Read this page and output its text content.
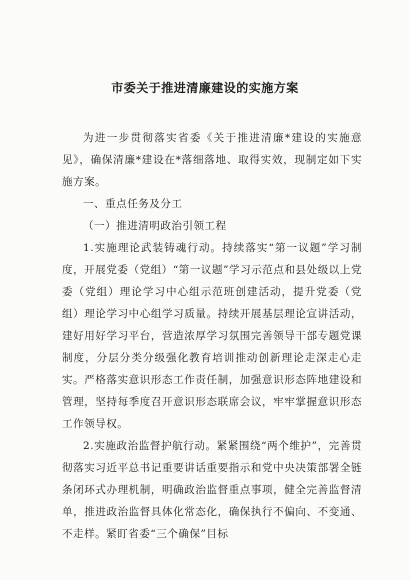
市委关于推进清廉建设的实施方案

为进一步贯彻落实省委《关于推进清廉*建设的实施意见》，确保清廉*建设在*落细落地、取得实效，现制定如下实施方案。

一、重点任务及分工

（一）推进清明政治引领工程

1.实施理论武装铸魂行动。持续落实“第一议题”学习制度，开展党委（党组）“第一议题”学习示范点和县处级以上党委（党组）理论学习中心组示范班创建活动，提升党委（党组）理论学习中心组学习质量。持续开展基层理论宣讲活动，建好用好学习平台，营造浓厚学习氛围完善领导干部专题党课制度，分层分类分级强化教育培训推动创新理论走深走心走实。严格落实意识形态工作责任制，加强意识形态阵地建设和管理，坚持每季度召开意识形态联席会议，牢牢掌握意识形态工作领导权。

2.实施政治监督护航行动。紧紧围绕“两个维护”，完善贯彻落实习近平总书记重要讲话重要指示和党中央决策部署全链条闭环式办理机制，明确政治监督重点事项，健全完善监督清单，推进政治监督具体化常态化，确保执行不偏向、不变通、不走样。紧盯省委“三个确保”目标
